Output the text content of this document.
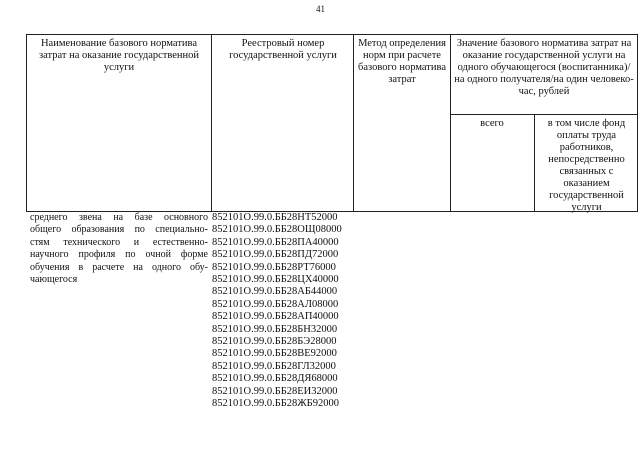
41
Наименование базового норматива затрат на оказание государственной услуги
Реестровый номер государственной услуги
Метод определения норм при расчете базового норматива затрат
Значение базового норматива затрат на оказание государственной услуги на одного обучающегося (воспитанника)/на одного получателя/на один человеко-час, рублей
всего	в том числе фонд оплаты труда работников, непосредственно связанных с оказанием государственной услуги
среднего звена на базе основного
общего образования по специально-
стям технического и естественно-
научного профиля по очной форме
обучения в расчете на одного обу-
чающегося
852101О.99.0.ББ28НТ52000
852101О.99.0.ББ28ОЩ08000
852101О.99.0.ББ28ПА40000
852101О.99.0.ББ28ПД72000
852101О.99.0.ББ28РТ76000
852101О.99.0.ББ28ЦХ40000
852101О.99.0.ББ28АБ44000
852101О.99.0.ББ28АЛ08000
852101О.99.0.ББ28АП40000
852101О.99.0.ББ28БН32000
852101О.99.0.ББ28БЭ28000
852101О.99.0.ББ28ВЕ92000
852101О.99.0.ББ28ГЛ32000
852101О.99.0.ББ28ДЯ68000
852101О.99.0.ББ28ЕИ32000
852101О.99.0.ББ28ЖБ92000
